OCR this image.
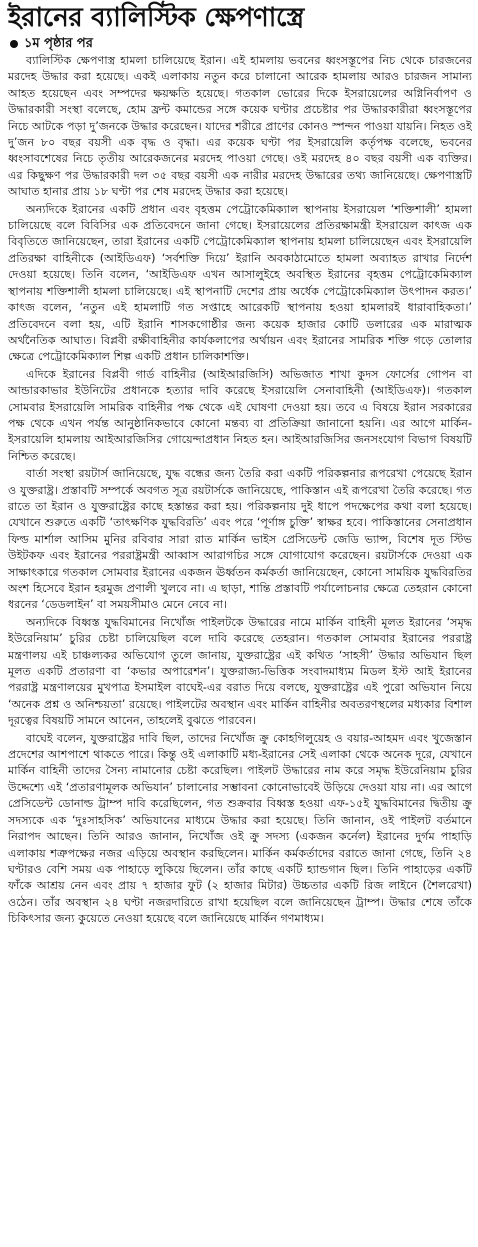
ইরানের ব্যালিস্টিক ক্ষেপণাস্ত্রে
১ম পৃষ্ঠার পর

ব্যালিস্টিক ক্ষেপণাস্ত্র হামলা চালিয়েছে ইরান। এই হামলায় ভবনের ধ্বংসস্তূপের নিচ থেকে চারজনের মরদেহ উদ্ধার করা হয়েছে। একই এলাকায় নতুন করে চালানো আরেক হামলায় আরও চারজন সামান্য আহত হয়েছেন এবং সম্পদের ক্ষয়ক্ষতি হয়েছে। গতকাল ভোরের দিকে ইসরায়েলের অগ্নিনির্বাপণ ও উদ্ধারকারী সংস্থা বলেছে, হোম ফ্রন্ট কমান্ডের সঙ্গে কয়েক ঘণ্টার প্রচেষ্টার পর উদ্ধারকারীরা ধ্বংসস্তূপের নিচে আটকে পড়া দু’জনকে উদ্ধার করেছেন। যাদের শরীরে প্রাণের কোনও স্পন্দন পাওয়া যায়নি। নিহত ওই দু’জন ৮০ বছর বয়সী এক বৃদ্ধ ও বৃদ্ধা। এর কয়েক ঘণ্টা পর ইসরায়েলি কর্তৃপক্ষ বলেছে, ভবনের ধ্বংসাবশেষের নিচে তৃতীয় আরেকজনের মরদেহ পাওয়া গেছে। ওই মরদেহ ৪০ বছর বয়সী এক ব্যক্তির। এর কিছুক্ষণ পর উদ্ধারকারী দল ৩৫ বছর বয়সী এক নারীর মরদেহ উদ্ধারের তথ্য জানিয়েছে। ক্ষেপণাস্ত্রটি আঘাত হানার প্রায় ১৮ ঘণ্টা পর শেষ মরদেহ উদ্ধার করা হয়েছে।

অন্যদিকে ইরানের একটি প্রধান এবং বৃহত্তম পেট্রোকেমিক্যাল স্থাপনায় ইসরায়েল ‘শক্তিশালী’ হামলা চালিয়েছে বলে বিবিসির এক প্রতিবেদনে জানা গেছে। ইসরায়েলের প্রতিরক্ষামন্ত্রী ইসরায়েল কাৎজ এক বিবৃতিতে জানিয়েছেন, তারা ইরানের একটি পেট্রোকেমিক্যাল স্থাপনায় হামলা চালিয়েছেন এবং ইসরায়েলি প্রতিরক্ষা বাহিনীকে (আইডিএফ) ‘সর্বশক্তি দিয়ে’ ইরানি অবকাঠামোতে হামলা অব্যাহত রাখার নির্দেশ দেওয়া হয়েছে। তিনি বলেন, ‘আইডিএফ এখন আসালুইহে অবস্থিত ইরানের বৃহত্তম পেট্রোকেমিক্যাল স্থাপনায় শক্তিশালী হামলা চালিয়েছে। এই স্থাপনাটি দেশের প্রায় অর্ধেক পেট্রোকেমিক্যাল উৎপাদন করত।’ কাৎজ বলেন, ‘নতুন এই হামলাটি গত সপ্তাহে আরেকটি স্থাপনায় হওয়া হামলারই ধারাবাহিকতা।’ প্রতিবেদনে বলা হয়, এটি ইরানি শাসকগোষ্ঠীর জন্য কয়েক হাজার কোটি ডলারের এক মারাত্মক অর্থনৈতিক আঘাত। বিপ্লবী রক্ষীবাহিনীর কার্যকলাপের অর্থায়ন এবং ইরানের সামরিক শক্তি গড়ে তোলার ক্ষেত্রে পেট্রোকেমিক্যাল শিল্প একটি প্রধান চালিকাশক্তি।

এদিকে ইরানের বিপ্লবী গার্ড বাহিনীর (আইআরজিসি) অভিজাত শাখা কুদস ফোর্সের গোপন বা আন্ডারকাভার ইউনিটের প্রধানকে হত্যার দাবি করেছে ইসরায়েলি সেনাবাহিনী (আইডিএফ)। গতকাল সোমবার ইসরায়েলি সামরিক বাহিনীর পক্ষ থেকে এই ঘোষণা দেওয়া হয়। তবে এ বিষয়ে ইরান সরকারের পক্ষ থেকে এখন পর্যন্ত আনুষ্ঠানিকভাবে কোনো মন্তব্য বা প্রতিক্রিয়া জানানো হয়নি। এর আগে মার্কিন-ইসরায়েলি হামলায় আইআরজিসির গোয়েন্দাপ্রধান নিহত হন। আইআরজিসির জনসংযোগ বিভাগ বিষয়টি নিশ্চিত করেছে।

বার্তা সংস্থা রয়টার্স জানিয়েছে, যুদ্ধ বন্ধের জন্য তৈরি করা একটি পরিকল্পনার রূপরেখা পেয়েছে ইরান ও যুক্তরাষ্ট্র। প্রস্তাবটি সম্পর্কে অবগত সূত্র রয়টার্সকে জানিয়েছে, পাকিস্তান এই রূপরেখা তৈরি করেছে। গত রাতে তা ইরান ও যুক্তরাষ্ট্রের কাছে হস্তান্তর করা হয়। পরিকল্পনায় দুই ধাপে পদক্ষেপের কথা বলা হয়েছে। যেখানে শুরুতে একটি ‘তাৎক্ষণিক যুদ্ধবিরতি’ এবং পরে ‘পূর্ণাঙ্গ চুক্তি’ স্বাক্ষর হবে। পাকিস্তানের সেনাপ্রধান ফিল্ড মার্শাল আসিম মুনির রবিবার সারা রাত মার্কিন ভাইস প্রেসিডেন্ট জেডি ভ্যান্স, বিশেষ দূত স্টিভ উইটকফ এবং ইরানের পররাষ্ট্রমন্ত্রী আব্বাস আরাগচির সঙ্গে যোগাযোগ করেছেন। রয়টার্সকে দেওয়া এক সাক্ষাৎকারে গতকাল সোমবার ইরানের একজন ঊর্ধ্বতন কর্মকর্তা জানিয়েছেন, কোনো সাময়িক যুদ্ধবিরতির অংশ হিসেবে ইরান হরমুজ প্রণালী খুলবে না। এ ছাড়া, শান্তি প্রস্তাবটি পর্যালোচনার ক্ষেত্রে তেহরান কোনো ধরনের ‘ডেডলাইন’ বা সময়সীমাও মেনে নেবে না।

অন্যদিকে বিধ্বস্ত যুদ্ধবিমানের নিখোঁজ পাইলটকে উদ্ধারের নামে মার্কিন বাহিনী মূলত ইরানের ‘সমৃদ্ধ ইউরেনিয়াম’ চুরির চেষ্টা চালিয়েছিল বলে দাবি করেছে তেহরান। গতকাল সোমবার ইরানের পররাষ্ট্র মন্ত্রণালয় এই চাঞ্চল্যকর অভিযোগ তুলে জানায়, যুক্তরাষ্ট্রের এই কথিত ‘সাহসী’ উদ্ধার অভিযান ছিল মূলত একটি প্রতারণা বা ‘কভার অপারেশন’। যুক্তরাজ্য-ভিত্তিক সংবাদমাধ্যম মিডল ইস্ট আই ইরানের পররাষ্ট্র মন্ত্রণালয়ের মুখপাত্র ইসমাইল বাঘেই-এর বরাত দিয়ে বলছে, যুক্তরাষ্ট্রের এই পুরো অভিযান নিয়ে ‘অনেক প্রশ্ন ও অনিশ্চয়তা’ রয়েছে। পাইলটের অবস্থান এবং মার্কিন বাহিনীর অবতরণস্থলের মধ্যকার বিশাল দূরত্বের বিষয়টি সামনে আনেন, তাহলেই বুঝতে পারবেন।

বাঘেই বলেন, যুক্তরাষ্ট্রের দাবি ছিল, তাদের নিখোঁজ ক্রু কোহগিলুয়েহ ও বয়ার-আহমদ এবং খুজেস্তান প্রদেশের আশপাশে থাকতে পারে। কিন্তু ওই এলাকাটি মধ্য-ইরানের সেই এলাকা থেকে অনেক দূরে, যেখানে মার্কিন বাহিনী তাদের সৈন্য নামানোর চেষ্টা করেছিল। পাইলট উদ্ধারের নাম করে সমৃদ্ধ ইউরেনিয়াম চুরির উদ্দেশ্যে এই ‘প্রতারণামূলক অভিযান’ চালানোর সম্ভাবনা কোনোভাবেই উড়িয়ে দেওয়া যায় না। এর আগে প্রেসিডেন্ট ডোনাল্ড ট্রাম্প দাবি করেছিলেন, গত শুক্রবার বিধ্বস্ত হওয়া এফ-১৫ই যুদ্ধবিমানের দ্বিতীয় ক্রু সদস্যকে এক ‘দুঃসাহসিক’ অভিযানের মাধ্যমে উদ্ধার করা হয়েছে। তিনি জানান, ওই পাইলট বর্তমানে নিরাপদ আছেন। তিনি আরও জানান, নিখোঁজ ওই ক্রু সদস্য (একজন কর্নেল) ইরানের দুর্গম পাহাড়ি এলাকায় শত্রুপক্ষের নজর এড়িয়ে অবস্থান করছিলেন। মার্কিন কর্মকর্তাদের বরাতে জানা গেছে, তিনি ২৪ ঘণ্টারও বেশি সময় এক পাহাড়ে লুকিয়ে ছিলেন। তাঁর কাছে একটি হ্যান্ডগান ছিল। তিনি পাহাড়ের একটি ফাঁকে আশ্রয় নেন এবং প্রায় ৭ হাজার ফুট (২ হাজার মিটার) উচ্চতার একটি রিজ লাইনে (শৈলরেখা) ওঠেন। তাঁর অবস্থান ২৪ ঘণ্টা নজরদারিতে রাখা হয়েছিল বলে জানিয়েছেন ট্রাম্প। উদ্ধার শেষে তাঁকে চিকিৎসার জন্য কুয়েতে নেওয়া হয়েছে বলে জানিয়েছে মার্কিন গণমাধ্যম।
